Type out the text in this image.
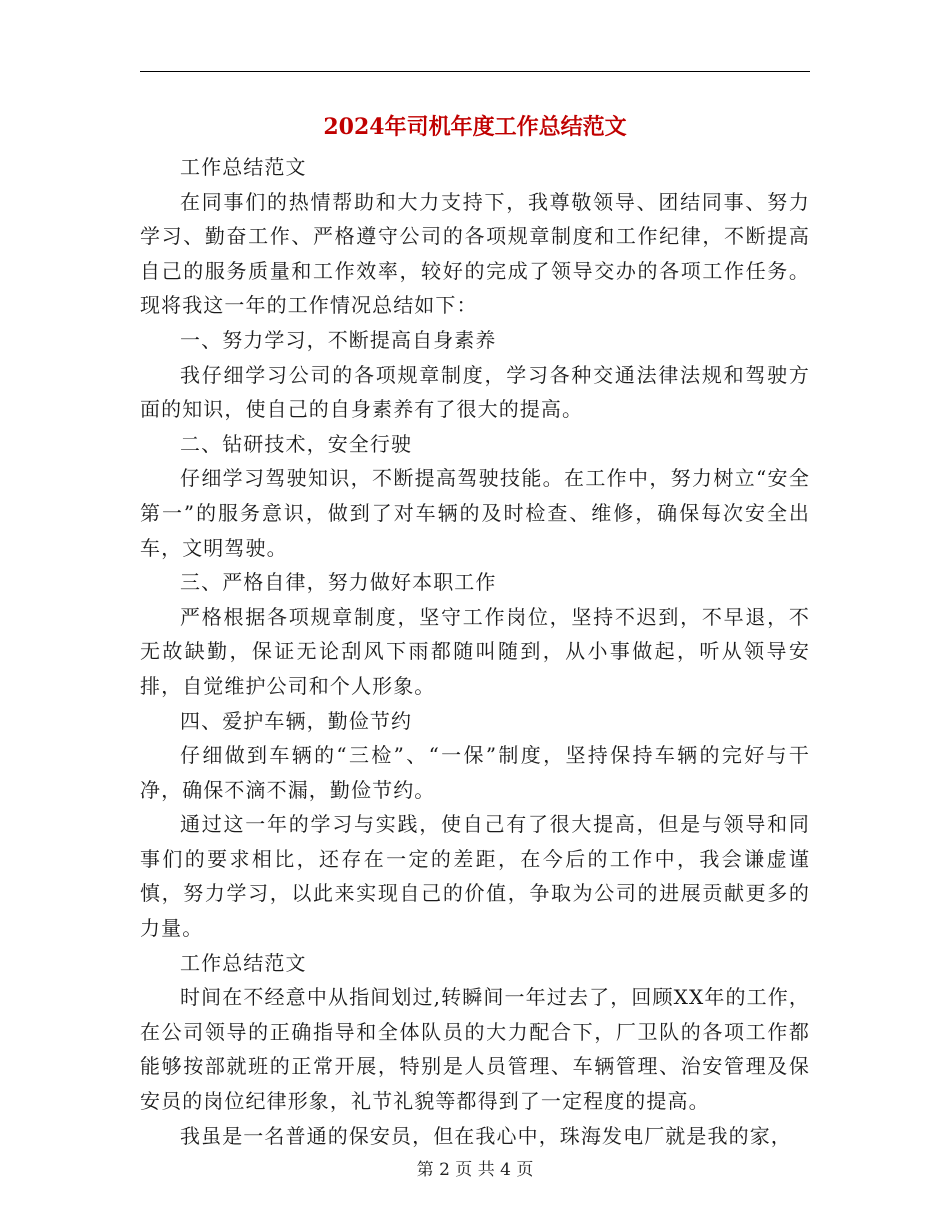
2024年司机年度工作总结范文

工作总结范文

在同事们的热情帮助和大力支持下，我尊敬领导、团结同事、努力学习、勤奋工作、严格遵守公司的各项规章制度和工作纪律，不断提高自己的服务质量和工作效率，较好的完成了领导交办的各项工作任务。现将我这一年的工作情况总结如下：

一、努力学习，不断提高自身素养

我仔细学习公司的各项规章制度，学习各种交通法律法规和驾驶方面的知识，使自己的自身素养有了很大的提高。

二、钻研技术，安全行驶

仔细学习驾驶知识，不断提高驾驶技能。在工作中，努力树立“安全第一”的服务意识，做到了对车辆的及时检查、维修，确保每次安全出车，文明驾驶。

三、严格自律，努力做好本职工作

严格根据各项规章制度，坚守工作岗位，坚持不迟到，不早退，不无故缺勤，保证无论刮风下雨都随叫随到，从小事做起，听从领导安排，自觉维护公司和个人形象。

四、爱护车辆，勤俭节约

仔细做到车辆的“三检”、“一保”制度，坚持保持车辆的完好与干净，确保不滴不漏，勤俭节约。

通过这一年的学习与实践，使自己有了很大提高，但是与领导和同事们的要求相比，还存在一定的差距，在今后的工作中，我会谦虚谨慎，努力学习，以此来实现自己的价值，争取为公司的进展贡献更多的力量。

工作总结范文

时间在不经意中从指间划过,转瞬间一年过去了，回顾XX年的工作，在公司领导的正确指导和全体队员的大力配合下，厂卫队的各项工作都能够按部就班的正常开展，特别是人员管理、车辆管理、治安管理及保安员的岗位纪律形象，礼节礼貌等都得到了一定程度的提高。

我虽是一名普通的保安员，但在我心中，珠海发电厂就是我的家，

第 2 页 共 4 页
